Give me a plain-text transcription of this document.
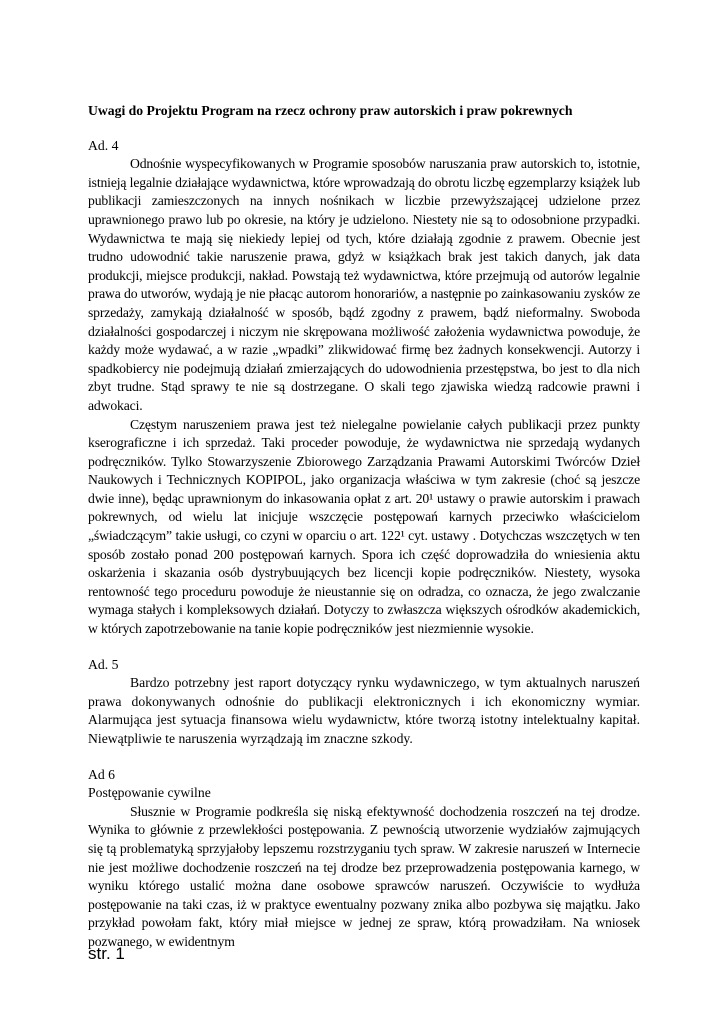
Uwagi do Projektu Program na rzecz ochrony praw autorskich i praw pokrewnych

Ad. 4

Odnośnie wyspecyfikowanych w Programie sposobów naruszania praw autorskich to, istotnie, istnieją legalnie działające wydawnictwa, które wprowadzają do obrotu liczbę egzemplarzy książek lub publikacji zamieszczonych na innych nośnikach w liczbie przewyższającej udzielone przez uprawnionego prawo lub po okresie, na który je udzielono. Niestety nie są to odosobnione przypadki. Wydawnictwa te mają się niekiedy lepiej od tych, które działają zgodnie z prawem. Obecnie jest trudno udowodnić takie naruszenie prawa, gdyż w książkach brak jest takich danych, jak data produkcji, miejsce produkcji, nakład. Powstają też wydawnictwa, które przejmują od autorów legalnie prawa do utworów, wydają je nie płacąc autorom honorariów, a następnie po zainkasowaniu zysków ze sprzedaży, zamykają działalność w sposób, bądź zgodny z prawem, bądź nieformalny. Swoboda działalności gospodarczej i niczym nie skrępowana możliwość założenia wydawnictwa powoduje, że każdy może wydawać, a w razie „wpadki” zlikwidować firmę bez żadnych konsekwencji. Autorzy i spadkobiercy nie podejmują działań zmierzających do udowodnienia przestępstwa, bo jest to dla nich zbyt trudne. Stąd sprawy te nie są dostrzegane. O skali tego zjawiska wiedzą radcowie prawni i adwokaci.

Częstym naruszeniem prawa jest też nielegalne powielanie całych publikacji przez punkty kserograficzne i ich sprzedaż. Taki proceder powoduje, że wydawnictwa nie sprzedają wydanych podręczników. Tylko Stowarzyszenie Zbiorowego Zarządzania Prawami Autorskimi Twórców Dzieł Naukowych i Technicznych KOPIPOL, jako organizacja właściwa w tym zakresie (choć są jeszcze dwie inne), będąc uprawnionym do inkasowania opłat z art. 20¹ ustawy o prawie autorskim i prawach pokrewnych, od wielu lat inicjuje wszczęcie postępowań karnych przeciwko właścicielom „świadczącym” takie usługi, co czyni w oparciu o art. 122¹ cyt. ustawy . Dotychczas wszczętych w ten sposób zostało ponad 200 postępowań karnych. Spora ich część doprowadziła do wniesienia aktu oskarżenia i skazania osób dystrybuujących bez licencji kopie podręczników. Niestety, wysoka rentowność tego proceduru powoduje że nieustannie się on odradza, co oznacza, że jego zwalczanie wymaga stałych i kompleksowych działań. Dotyczy to zwłaszcza większych ośrodków akademickich, w których zapotrzebowanie na tanie kopie podręczników jest niezmiennie wysokie.

Ad. 5

Bardzo potrzebny jest raport dotyczący rynku wydawniczego, w tym aktualnych naruszeń prawa dokonywanych odnośnie do publikacji elektronicznych i ich ekonomiczny wymiar. Alarmująca jest sytuacja finansowa wielu wydawnictw, które tworzą istotny intelektualny kapitał. Niewątpliwie te naruszenia wyrządzają im znaczne szkody.

Ad 6

Postępowanie cywilne

Słusznie w Programie podkreśla się niską efektywność dochodzenia roszczeń na tej drodze. Wynika to głównie z przewlekłości postępowania. Z pewnością utworzenie wydziałów zajmujących się tą problematyką sprzyjałoby lepszemu rozstrzyganiu tych spraw. W zakresie naruszeń w Internecie nie jest możliwe dochodzenie roszczeń na tej drodze bez przeprowadzenia postępowania karnego, w wyniku którego ustalić można dane osobowe sprawców naruszeń. Oczywiście to wydłuża postępowanie na taki czas, iż w praktyce ewentualny pozwany znika albo pozbywa się majątku. Jako przykład powołam fakt, który miał miejsce w jednej ze spraw, którą prowadziłam. Na wniosek pozwanego, w ewidentnym

str. 1
